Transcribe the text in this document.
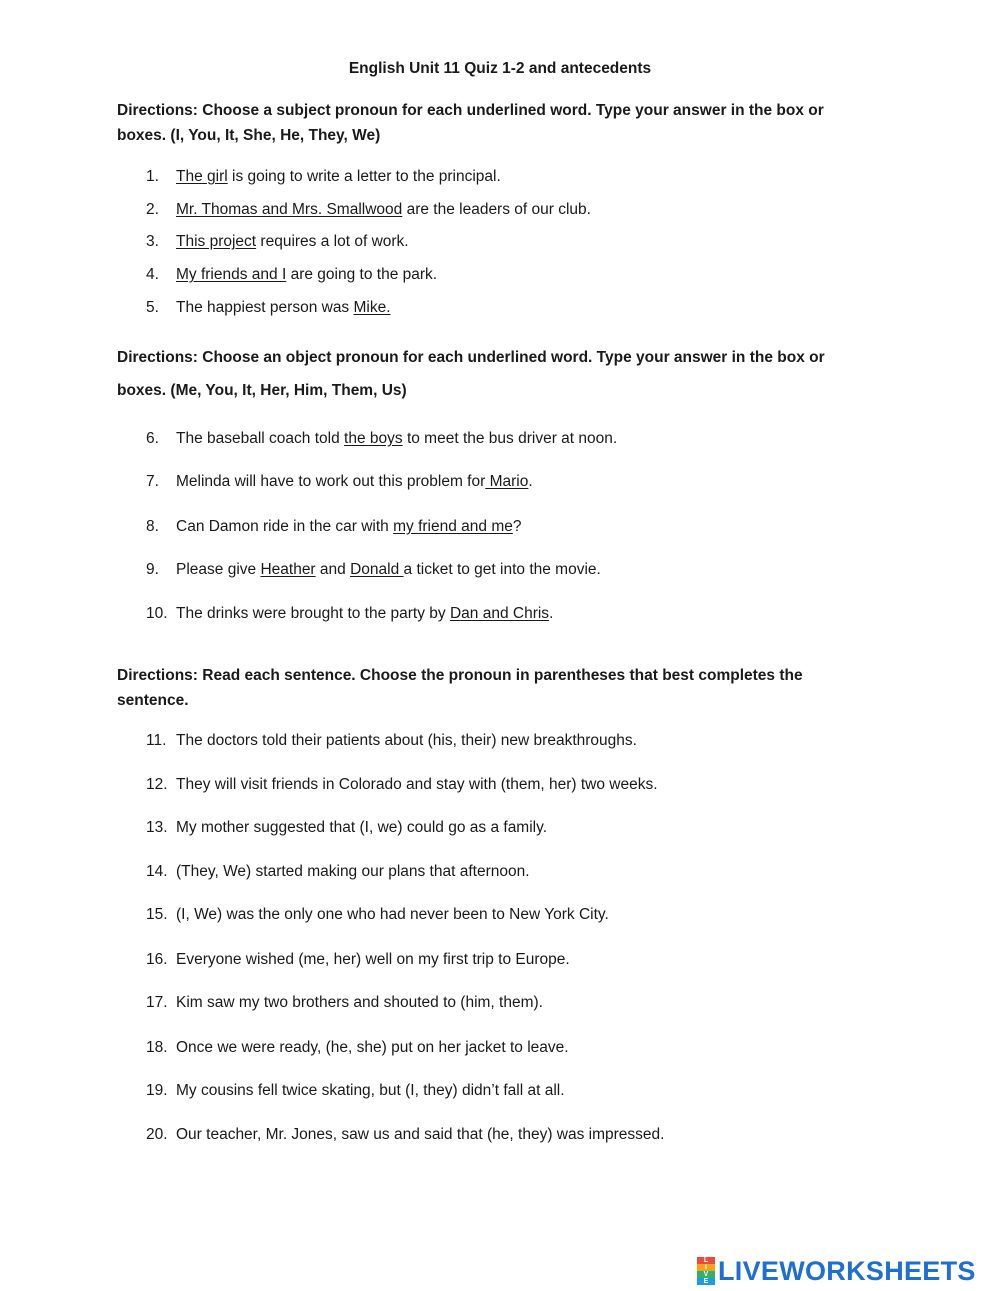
English Unit 11 Quiz 1-2 and antecedents
Directions: Choose a subject pronoun for each underlined word. Type your answer in the box or boxes. (I, You, It, She, He, They, We)
1. The girl is going to write a letter to the principal.
2. Mr. Thomas and Mrs. Smallwood are the leaders of our club.
3. This project requires a lot of work.
4. My friends and I are going to the park.
5. The happiest person was Mike.
Directions: Choose an object pronoun for each underlined word. Type your answer in the box or boxes. (Me, You, It, Her, Him, Them, Us)
6. The baseball coach told the boys to meet the bus driver at noon.
7. Melinda will have to work out this problem for Mario.
8. Can Damon ride in the car with my friend and me?
9. Please give Heather and Donald a ticket to get into the movie.
10. The drinks were brought to the party by Dan and Chris.
Directions: Read each sentence. Choose the pronoun in parentheses that best completes the sentence.
11. The doctors told their patients about (his, their) new breakthroughs.
12. They will visit friends in Colorado and stay with (them, her) two weeks.
13. My mother suggested that (I, we) could go as a family.
14. (They, We) started making our plans that afternoon.
15. (I, We) was the only one who had never been to New York City.
16. Everyone wished (me, her) well on my first trip to Europe.
17. Kim saw my two brothers and shouted to (him, them).
18. Once we were ready, (he, she) put on her jacket to leave.
19. My cousins fell twice skating, but (I, they) didn’t fall at all.
20. Our teacher, Mr. Jones, saw us and said that (he, they) was impressed.
L
I
V
E LIVEWORKSHEETS
